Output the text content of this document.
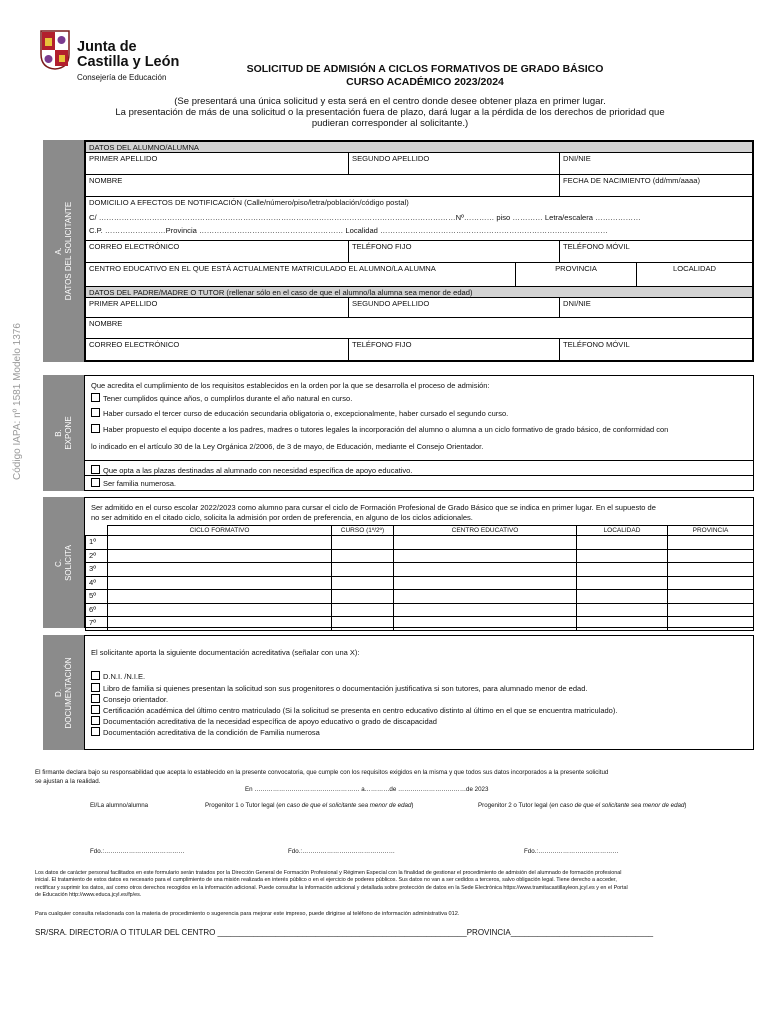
Junta de
Castilla y León
Consejería de Educación
SOLICITUD DE ADMISIÓN A CICLOS FORMATIVOS DE GRADO BÁSICO
CURSO ACADÉMICO 2023/2024
(Se presentará una única solicitud y esta será en el centro donde desee obtener plaza en primer lugar.
La presentación de más de una solicitud o la presentación fuera de plazo, dará lugar a la pérdida de los derechos de prioridad que
pudieran corresponder al solicitante.)
Código IAPA: nº 1581 Modelo 1376
A.
DATOS DEL SOLICITANTE
DATOS DEL ALUMNO/ALUMNA
PRIMER APELLIDO	SEGUNDO APELLIDO	DNI/NIE
NOMBRE	FECHA DE NACIMIENTO (dd/mm/aaaa)
DOMICILIO A EFECTOS DE NOTIFICACIÓN (Calle/número/piso/letra/población/código postal)
C/ ……………………………………………………………………………………………………………………………Nº………… piso ………… Letra/escalera ………………
C.P. ……………………Provincia ………………………………………………… Localidad ………………………………………………………………………………
CORREO ELECTRÓNICO	TELÉFONO FIJO	TELÉFONO MÓVIL
CENTRO EDUCATIVO EN EL QUE ESTÁ ACTUALMENTE MATRICULADO EL ALUMNO/LA ALUMNA	PROVINCIA	LOCALIDAD
DATOS DEL PADRE/MADRE O TUTOR (rellenar sólo en el caso de que el alumno/la alumna sea menor de edad)
PRIMER APELLIDO	SEGUNDO APELLIDO	DNI/NIE
NOMBRE
CORREO ELECTRÓNICO	TELÉFONO FIJO	TELÉFONO MÓVIL
B.
EXPONE
Que acredita el cumplimiento de los requisitos establecidos en la orden por la que se desarrolla el proceso de admisión:
Tener cumplidos quince años, o cumplirlos durante el año natural en curso.
Haber cursado el tercer curso de educación secundaria obligatoria o, excepcionalmente, haber cursado el segundo curso.
Haber propuesto el equipo docente a los padres, madres o tutores legales la incorporación del alumno o alumna a un ciclo formativo de grado básico, de conformidad con
lo indicado en el artículo 30 de la Ley Orgánica 2/2006, de 3 de mayo, de Educación, mediante el Consejo Orientador.
Que opta a las plazas destinadas al alumnado con necesidad específica de apoyo educativo.
Ser familia numerosa.
C.
SOLICITA
Ser admitido en el curso escolar 2022/2023 como alumno para cursar el ciclo de Formación Profesional de Grado Básico que se indica en primer lugar. En el supuesto de
no ser admitido en el citado ciclo, solicita la admisión por orden de preferencia, en alguno de los ciclos adicionales.
CICLO FORMATIVO	CURSO (1º/2º)	CENTRO EDUCATIVO	LOCALIDAD	PROVINCIA
1º
2º
3º
4º
5º
6º
7º
D.
DOCUMENTACIÓN
El solicitante aporta la siguiente documentación acreditativa (señalar con una X):
D.N.I. /N.I.E.
Libro de familia si quienes presentan la solicitud son sus progenitores o documentación justificativa si son tutores, para alumnado menor de edad.
Consejo orientador.
Certificación académica del último centro matriculado (Si la solicitud se presenta en centro educativo distinto al último en el que se encuentra matriculado).
Documentación acreditativa de la necesidad específica de apoyo educativo o grado de discapacidad
Documentación acreditativa de la condición de Familia numerosa
El firmante declara bajo su responsabilidad que acepta lo establecido en la presente convocatoria, que cumple con los requisitos exigidos en la misma y que todos sus datos incorporados a la presente solicitud
se ajustan a la realidad.
En …………………………………………… a…………de ……………………………de 2023
El/La alumno/alumna	Progenitor 1 o Tutor legal (en caso de que el solicitante sea menor de edad)	Progenitor 2 o Tutor legal (en caso de que el solicitante sea menor de edad)
Fdo.:…………………………………	Fdo.:………………………………………	Fdo.:…………………………………
Los datos de carácter personal facilitados en este formulario serán tratados por la Dirección General de Formación Profesional y Régimen Especial con la finalidad de gestionar el procedimiento de admisión del alumnado de formación profesional
inicial. El tratamiento de estos datos es necesario para el cumplimiento de una misión realizada en interés público o en el ejercicio de poderes públicos. Sus datos no van a ser cedidos a terceros, salvo obligación legal. Tiene derecho a acceder,
rectificar y suprimir los datos, así como otros derechos recogidos en la información adicional. Puede consultar la información adicional y detallada sobre protección de datos en la Sede Electrónica https://www.tramitacastillayleon.jcyl.es y en el Portal
de Educación http://www.educa.jcyl.es/fp/es.
Para cualquier consulta relacionada con la materia de procedimiento o sugerencia para mejorar este impreso, puede dirigirse al teléfono de información administrativa 012.
SR/SRA. DIRECTOR/A O TITULAR DEL CENTRO ________________________________________________________PROVINCIA________________________________
